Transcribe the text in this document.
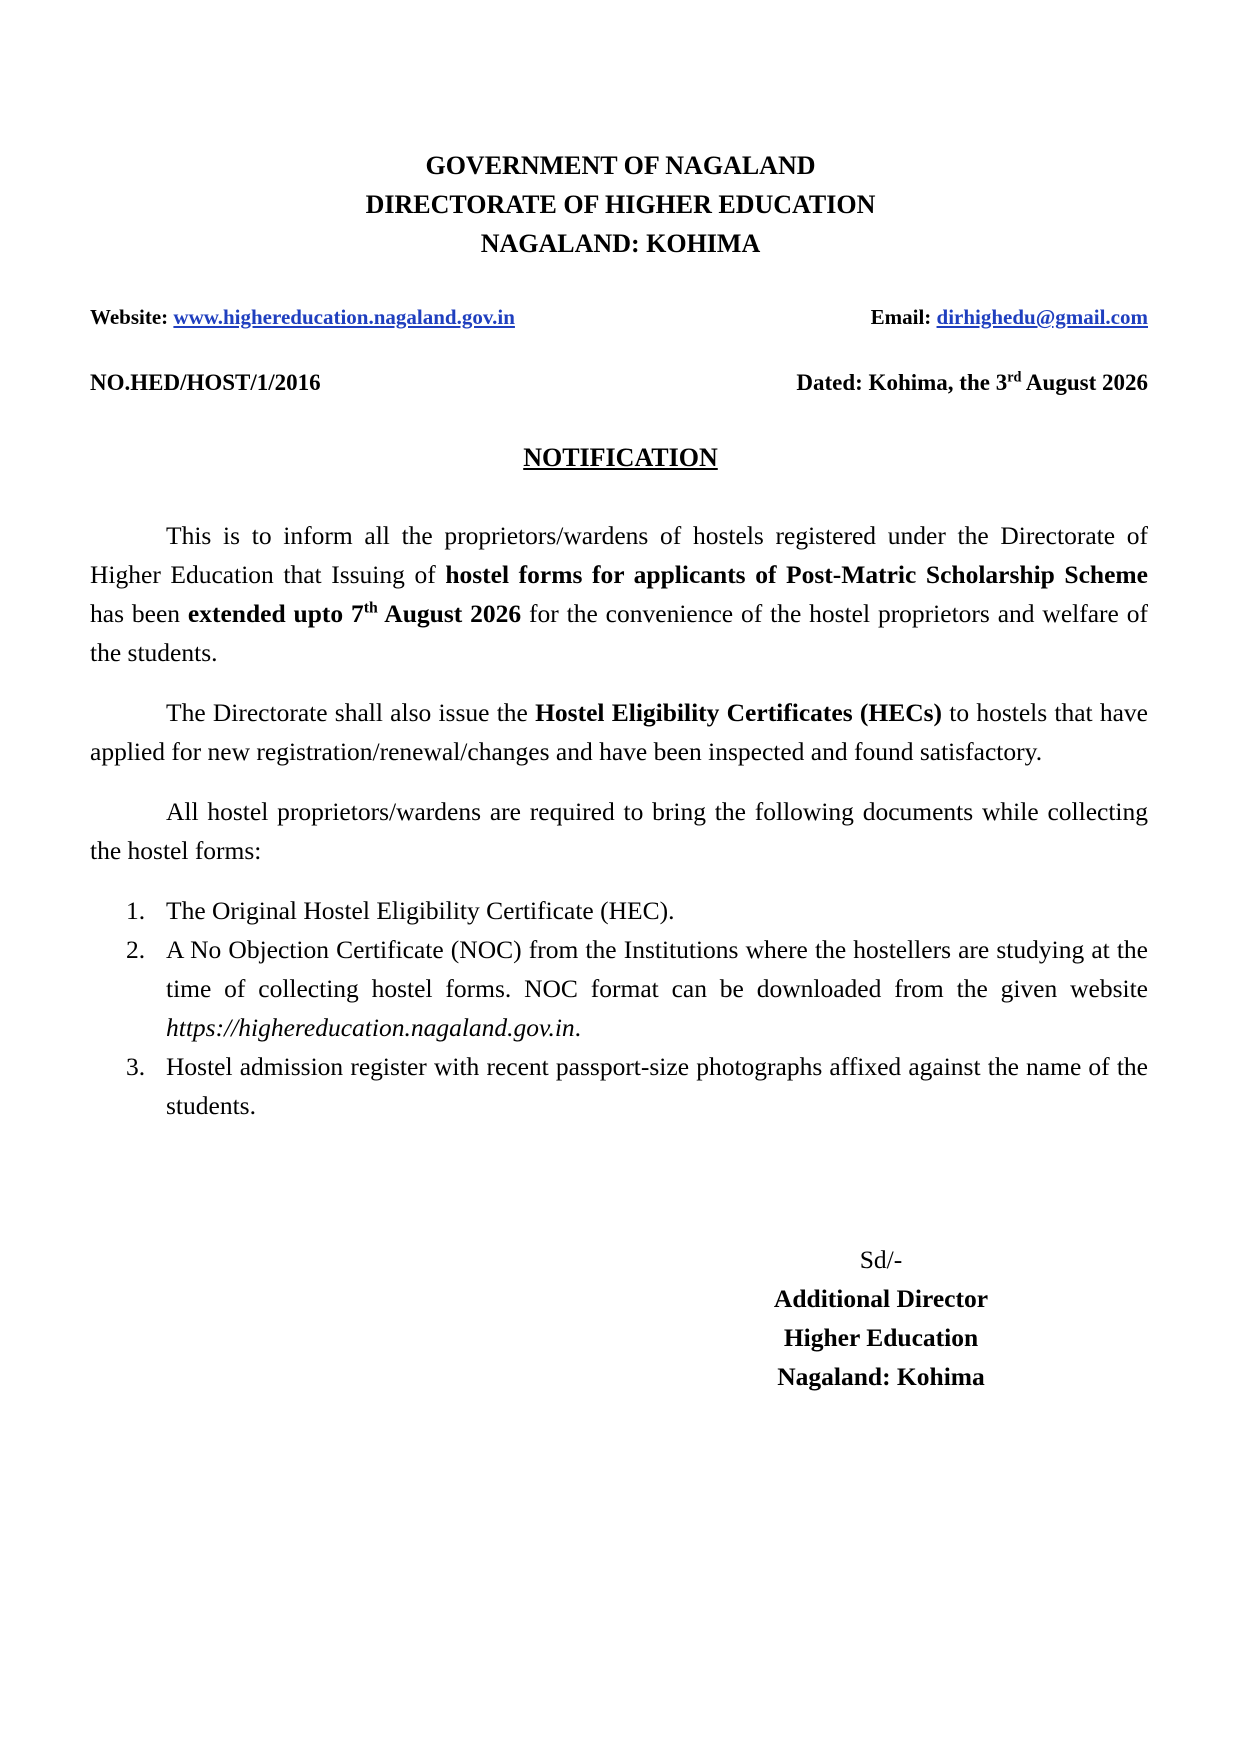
GOVERNMENT OF NAGALAND
DIRECTORATE OF HIGHER EDUCATION
NAGALAND: KOHIMA
Website: www.highereducation.nagaland.gov.in	Email: dirhighedu@gmail.com
NO.HED/HOST/1/2016	Dated: Kohima, the 3rd August 2026
NOTIFICATION

This is to inform all the proprietors/wardens of hostels registered under the Directorate of Higher Education that Issuing of hostel forms for applicants of Post-Matric Scholarship Scheme has been extended upto 7th August 2026 for the convenience of the hostel proprietors and welfare of the students.

The Directorate shall also issue the Hostel Eligibility Certificates (HECs) to hostels that have applied for new registration/renewal/changes and have been inspected and found satisfactory.

All hostel proprietors/wardens are required to bring the following documents while collecting the hostel forms:

1. The Original Hostel Eligibility Certificate (HEC).
2. A No Objection Certificate (NOC) from the Institutions where the hostellers are studying at the time of collecting hostel forms. NOC format can be downloaded from the given website https://highereducation.nagaland.gov.in.
3. Hostel admission register with recent passport-size photographs affixed against the name of the students.
Sd/-
Additional Director
Higher Education
Nagaland: Kohima
